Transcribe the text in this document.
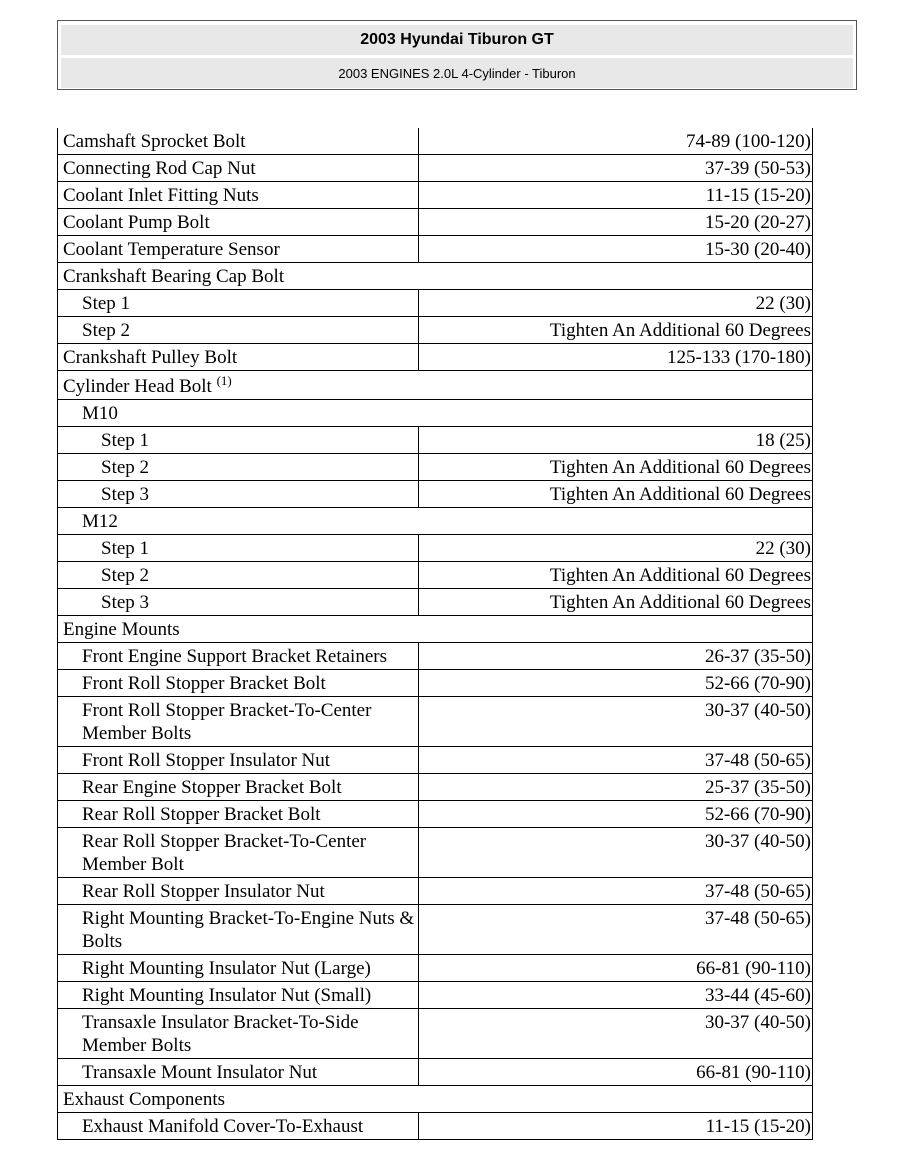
2003 Hyundai Tiburon GT
2003 ENGINES 2.0L 4-Cylinder - Tiburon
Camshaft Sprocket Bolt	74-89 (100-120)
Connecting Rod Cap Nut	37-39 (50-53)
Coolant Inlet Fitting Nuts	11-15 (15-20)
Coolant Pump Bolt	15-20 (20-27)
Coolant Temperature Sensor	15-30 (20-40)
Crankshaft Bearing Cap Bolt	
Step 1	22 (30)
Step 2	Tighten An Additional 60 Degrees
Crankshaft Pulley Bolt	125-133 (170-180)
Cylinder Head Bolt $^{(1)}$
M10	
Step 1	18 (25)
Step 2	Tighten An Additional 60 Degrees
Step 3	Tighten An Additional 60 Degrees
M12	
Step 1	22 (30)
Step 2	Tighten An Additional 60 Degrees
Step 3	Tighten An Additional 60 Degrees
Engine Mounts	
Front Engine Support Bracket Retainers	26-37 (35-50)
Front Roll Stopper Bracket Bolt	52-66 (70-90)
Front Roll Stopper Bracket-To-Center Member Bolts	30-37 (40-50)
Front Roll Stopper Insulator Nut	37-48 (50-65)
Rear Engine Stopper Bracket Bolt	25-37 (35-50)
Rear Roll Stopper Bracket Bolt	52-66 (70-90)
Rear Roll Stopper Bracket-To-Center Member Bolt	30-37 (40-50)
Rear Roll Stopper Insulator Nut	37-48 (50-65)
Right Mounting Bracket-To-Engine Nuts & Bolts	37-48 (50-65)
Right Mounting Insulator Nut (Large)	66-81 (90-110)
Right Mounting Insulator Nut (Small)	33-44 (45-60)
Transaxle Insulator Bracket-To-Side Member Bolts	30-37 (40-50)
Transaxle Mount Insulator Nut	66-81 (90-110)
Exhaust Components	
Exhaust Manifold Cover-To-Exhaust	11-15 (15-20)
